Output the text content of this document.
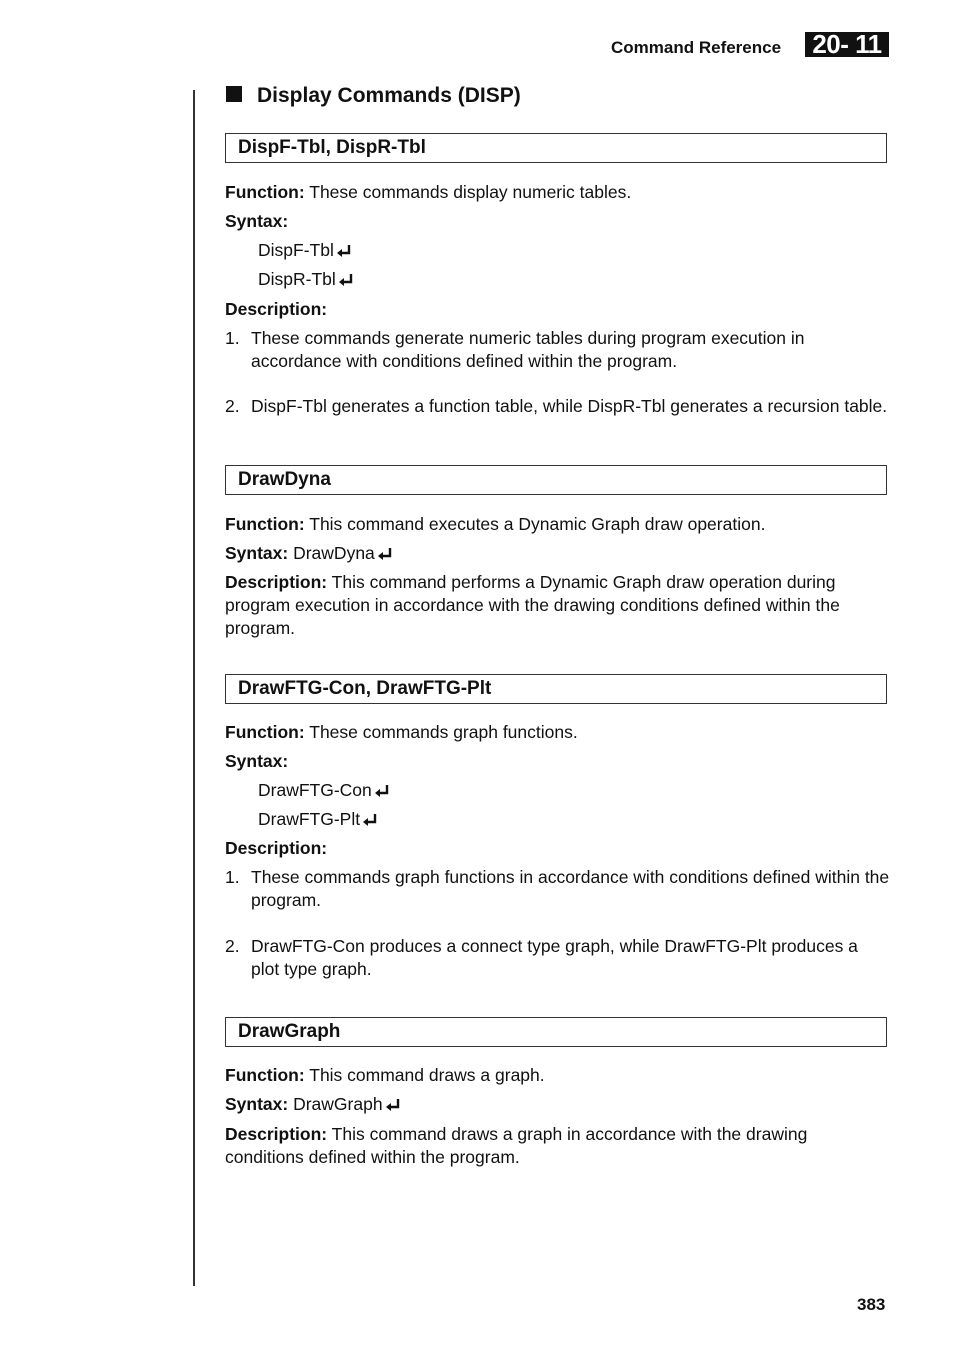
Command Reference 20- 11
Display Commands (DISP)
DispF-Tbl, DispR-Tbl
Function: These commands display numeric tables.
Syntax:
DispF-Tbl
DispR-Tbl
Description:
1. These commands generate numeric tables during program execution in accordance with conditions defined within the program.
2. DispF-Tbl generates a function table, while DispR-Tbl generates a recursion table.
DrawDyna
Function: This command executes a Dynamic Graph draw operation.
Syntax: DrawDyna
Description: This command performs a Dynamic Graph draw operation during program execution in accordance with the drawing conditions defined within the program.
DrawFTG-Con, DrawFTG-Plt
Function: These commands graph functions.
Syntax:
DrawFTG-Con
DrawFTG-Plt
Description:
1. These commands graph functions in accordance with conditions defined within the program.
2. DrawFTG-Con produces a connect type graph, while DrawFTG-Plt produces a plot type graph.
DrawGraph
Function: This command draws a graph.
Syntax: DrawGraph
Description: This command draws a graph in accordance with the drawing conditions defined within the program.
383
